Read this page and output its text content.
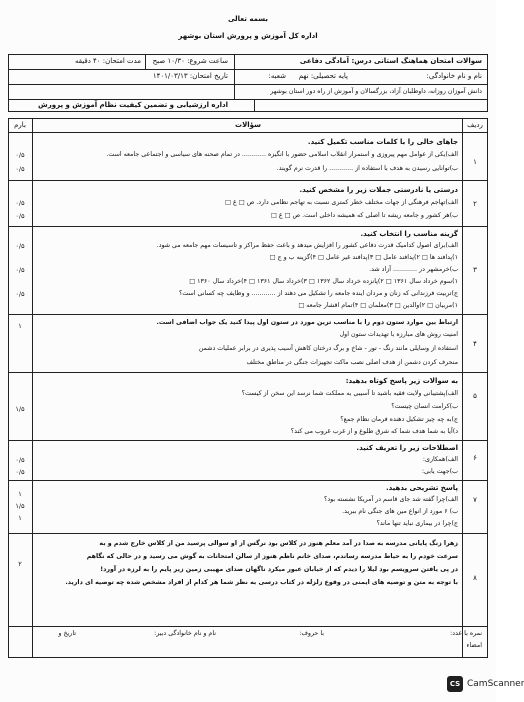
بسمه تعالی
اداره کل آموزش و پرورش استان بوشهر
سوالات امتحان هماهنگ استانی درس: آمادگی دفاعی
ساعت شروع: ۱۰/۳۰ صبح
مدت امتحان: ۴۰ دقیقه
نام و نام خانوادگی:
پایه تحصیلی: نهم
شعبه:
تاریخ امتحان: ۱۴۰۱/۰۳/۱۳
دانش آموزان روزانه، داوطلبان آزاد، بزرگسالان و آموزش از راه دور استان بوشهر
اداره ارزشیابی و تضمین کیفیت نظام آموزش و پرورش
ردیف
سؤالات
بارم
۱
جاهای خالی را با کلمات مناسب تکمیل کنید.
الف)یکی از عوامل مهم پیروزی و استمرار انقلاب اسلامی حضور با انگیزه ............ در تمام صحنه های سیاسی و اجتماعی جامعه است.
ب)توانایی رسیدن به هدف با استفاده از ............ را قدرت نرم گویند.
۰/۵
۰/۵
۲
درستی یا نادرستی جملات زیر را مشخص کنید.
الف)تهاجم فرهنگی از جهات مختلف خطر کمتری نسبت به تهاجم نظامی دارد. ص □ غ □
ب)هر کشور و جامعه ریشه تا اصلی که همیشه داخلی است. ص □ غ □
۰/۵
۰/۵
۳
گزینه مناسب را انتخاب کنید.
الف)برای اصول کدامیک قدرت دفاعی کشور را افزایش میدهد و باعث حفظ مراکز و تاسیسات مهم جامعه می شود.
۱)پدافند ها □ ۲)پدافند عامل □ ۳)پدافند غیر عامل □ ۴)گزینه ب و ج □
ب)خرمشهر در ............ آزاد شد.
۱)سوم خرداد سال ۱۳۶۱ □ ۲)پانزده خرداد سال ۱۳۶۲ □ ۳)خرداد سال ۱۳۶۱ □ ۴)خرداد سال ۱۳۶۰ □
ج)تربیت فرزندانی که زنان و مردان اینده جامعه را تشکیل می دهند از ............ و وظایف چه کسانی است؟
۱)مربیان □ ۲)والدین □ ۳)معلمان □ ۴)تمام اقشار جامعه □
۰/۵
۰/۵
۰/۵
۴
ارتباط بین موارد ستون دوم را با مناسب ترین مورد در ستون اول پیدا کنید یک جواب اضافی است.
امنیت روش های مبارزه با تهدیدات ستون اول
استفاده از وسایلی مانند رنگ - تور - شاخ و برگ درختان کاهش آسیب پذیری در برابر عملیات دشمن
منحرف کردن دشمن از هدف اصلی نصب ماکت تجهیزات جنگی در مناطق مختلف
۱
۵
به سوالات زیر پاسخ کوتاه بدهید:
الف)پشتیبانی ولایت فقیه باشید تا آسیبی به مملکت شما نرسد این سخن از کیست؟
ب)کرامت انسان چیست؟
ج)به چه چیز تشکیل دهنده فرمان نظام جمع؟
د)آیا به شما هدف شما که شرق طلوع و از غرب غروب می کند؟
۱/۵
۶
اصطلاحات زیر را تعریف کنید.
الف)همکاری:
ب)جهت یابی:
۰/۵
۰/۵
۷
پاسخ تشریحی بدهید.
الف)چرا گفته شد جای قاسم در آمریکا نشسته بود؟
ب) ۶ مورد از انواع مین های جنگی نام ببرید.
ج)چرا در بیماری نباید تنها ماند؟
۱
۱/۵
۱
۸
زهرا زنگ پایانی مدرسه به صدا در آمد معلم هنوز در کلاس بود نرگس از او سوالی پرسید من از کلاس خارج شدم و به
سرعت خودم را به حیاط مدرسه رساندم، صدای خانم ناظم هنوز از سالن امتحانات به گوش می رسید و در حالی که نگاهم
در پی یافتن سرویسم بود لیلا را دیدم که از خیابان عبور میکرد ناگهان صدای مهیبی زمین زیر پایم را به لرزه در آورد!
با توجه به متن و توصیه های ایمنی در وقوع زلزله در کتاب درسی به نظر شما هر کدام از افراد مشخص شده چه توصیه ای دارید.
۲
نمره با عدد:
با حروف:
نام و نام خانوادگی دبیر:
تاریخ و
امضاء
CS CamScanner
